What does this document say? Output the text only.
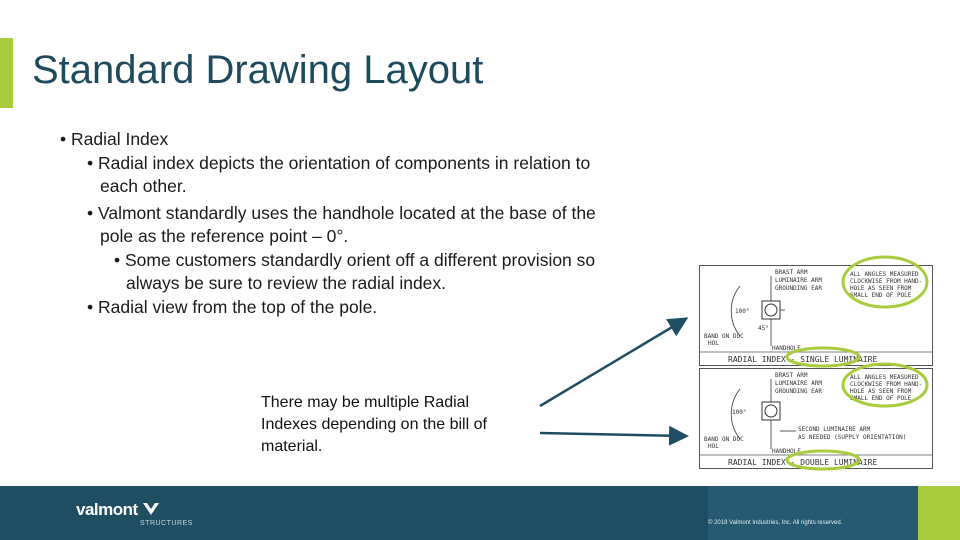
Standard Drawing Layout
• Radial Index
• Radial index depicts the orientation of components in relation to
each other.
• Valmont standardly uses the handhole located at the base of the
pole as the reference point – 0°.
• Some customers standardly orient off a different provision so
always be sure to review the radial index.
• Radial view from the top of the pole.
There may be multiple Radial
Indexes depending on the bill of
material.
BRAST ARM
LUMINAIRE ARM
GROUNDING EAR
HANDHOLE
ALL ANGLES MEASURED
CLOCKWISE FROM HAND-
HOLE AS SEEN FROM
SMALL END OF POLE
100°
45°
BAND ON DOC
HOL
RADIAL INDEX - SINGLE LUMINAIRE
BRAST ARM
LUMINAIRE ARM
GROUNDING EAR
HANDHOLE
ALL ANGLES MEASURED
CLOCKWISE FROM HAND-
HOLE AS SEEN FROM
SMALL END OF POLE
SECOND LUMINAIRE ARM
AS NEEDED (SUPPLY ORIENTATION)
100°
BAND ON DOC
HOL
RADIAL INDEX - DOUBLE LUMINAIRE
valmont
STRUCTURES	© 2018 Valmont Industries, Inc. All rights reserved.
